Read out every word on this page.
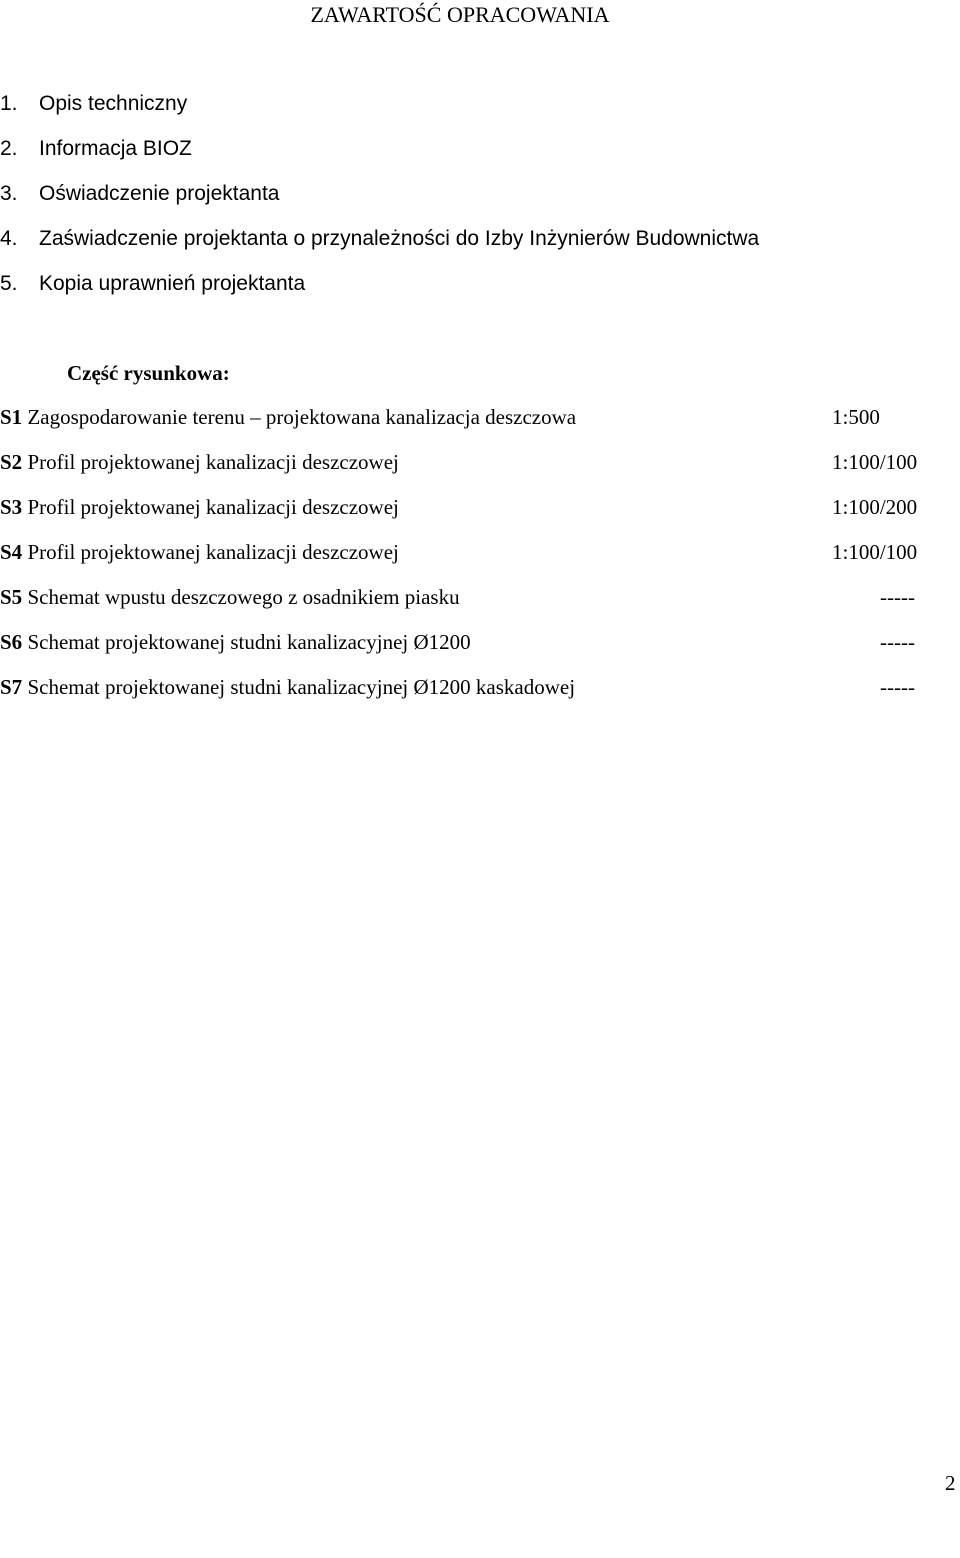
ZAWARTOŚĆ OPRACOWANIA
1. Opis techniczny
2. Informacja BIOZ
3. Oświadczenie projektanta
4. Zaświadczenie projektanta o przynależności do Izby Inżynierów Budownictwa
5. Kopia uprawnień projektanta
Część rysunkowa:
S1 Zagospodarowanie terenu – projektowana kanalizacja deszczowa	1:500
S2 Profil projektowanej kanalizacji deszczowej	1:100/100
S3 Profil projektowanej kanalizacji deszczowej	1:100/200
S4 Profil projektowanej kanalizacji deszczowej	1:100/100
S5 Schemat wpustu deszczowego z osadnikiem piasku	-----
S6 Schemat projektowanej studni kanalizacyjnej Ø1200	-----
S7 Schemat projektowanej studni kanalizacyjnej Ø1200 kaskadowej	-----
2
